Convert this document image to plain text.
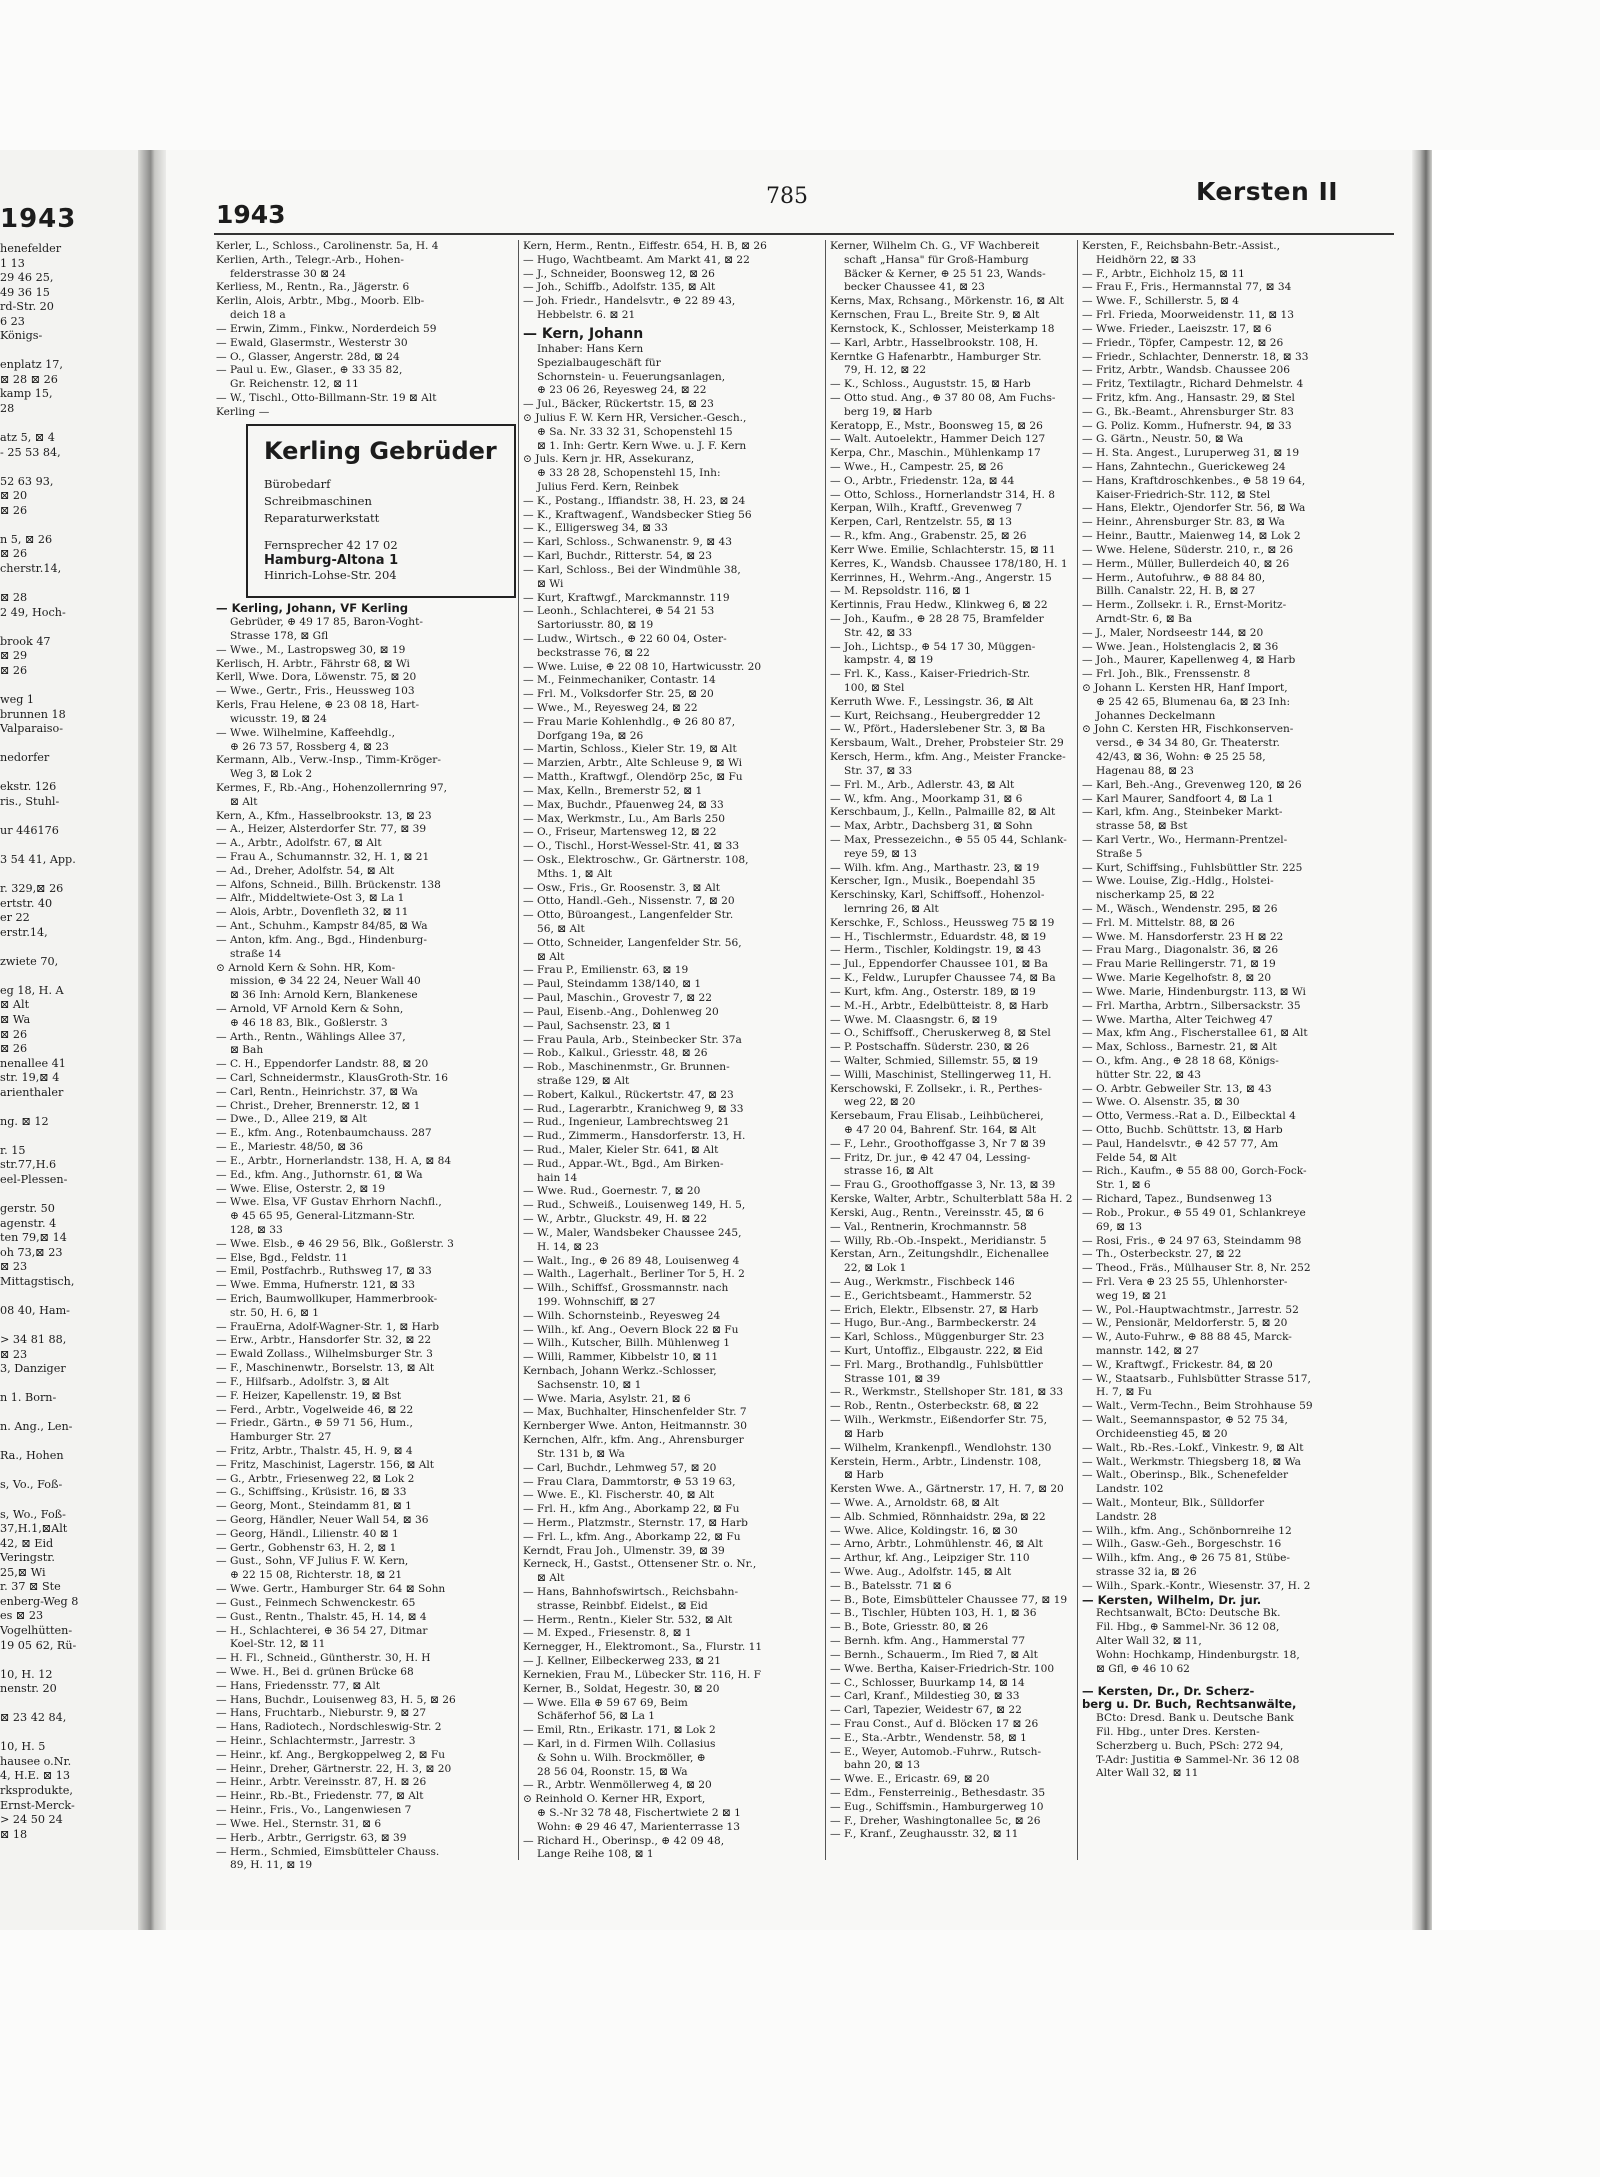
1943
henefelder
1 13
29 46 25,
49 36 15
rd-Str. 20
6 23
Königs-
enplatz 17,
⊠ 28 ⊠ 26
kamp 15,
28
atz 5, ⊠ 4
- 25 53 84,
52 63 93,
⊠ 20
⊠ 26
n 5, ⊠ 26
⊠ 26
cherstr.14,
⊠ 28
2 49, Hoch-
brook 47
⊠ 29
⊠ 26
weg 1
brunnen 18
Valparaiso-
nedorfer
ekstr. 126
ris., Stuhl-
ur 446176
3 54 41, App.
r. 329,⊠ 26
ertstr. 40
er 22
erstr.14,
zwiete 70,
eg 18, H. A
⊠ Alt
⊠ Wa
⊠ 26
⊠ 26
nenallee 41
str. 19,⊠ 4
arienthaler
ng. ⊠ 12
r. 15
str.77,H.6
eel-Plessen-
gerstr. 50
agenstr. 4
ten 79,⊠ 14
oh 73,⊠ 23
⊠ 23
Mittagstisch,
08 40, Ham-
> 34 81 88,
⊠ 23
3, Danziger
n 1. Born-
n. Ang., Len-
Ra., Hohen
s, Vo., Foß-
s, Wo., Foß-
37,H.1,⊠Alt
42, ⊠ Eid
Veringstr.
25,⊠ Wi
r. 37 ⊠ Ste
enberg-Weg 8
es ⊠ 23
Vogelhütten-
19 05 62, Rü-
10, H. 12
nenstr. 20
⊠ 23 42 84,
10, H. 5
hausee o.Nr.
4, H.E. ⊠ 13
rksprodukte,
Ernst-Merck-
> 24 50 24
⊠ 18
1943
785	Kersten II
Kerler, L., Schloss., Carolinenstr. 5a, H. 4
Kerlien, Arth., Telegr.-Arb., Hohen-
felderstrasse 30 ⊠ 24
Kerliess, M., Rentn., Ra., Jägerstr. 6
Kerlin, Alois, Arbtr., Mbg., Moorb. Elb-
deich 18 a
— Erwin, Zimm., Finkw., Norderdeich 59
— Ewald, Glasermstr., Westerstr 30
— O., Glasser, Angerstr. 28d, ⊠ 24
— Paul u. Ew., Glaser., ⊕ 33 35 82,
Gr. Reichenstr. 12, ⊠ 11
— W., Tischl., Otto-Billmann-Str. 19 ⊠ Alt
Kerling —
Kerling Gebrüder
Bürobedarf
Schreibmaschinen
Reparaturwerkstatt
Fernsprecher 42 17 02
Hamburg-Altona 1
Hinrich-Lohse-Str. 204
— Kerling, Johann, VF Kerling
Gebrüder, ⊕ 49 17 85, Baron-Voght-
Strasse 178, ⊠ Gfl
— Wwe., M., Lastropsweg 30, ⊠ 19
Kerlisch, H. Arbtr., Fährstr 68, ⊠ Wi
Kerll, Wwe. Dora, Löwenstr. 75, ⊠ 20
— Wwe., Gertr., Fris., Heussweg 103
Kerls, Frau Helene, ⊕ 23 08 18, Hart-
wicusstr. 19, ⊠ 24
— Wwe. Wilhelmine, Kaffeehdlg.,
⊕ 26 73 57, Rossberg 4, ⊠ 23
Kermann, Alb., Verw.-Insp., Timm-Kröger-
Weg 3, ⊠ Lok 2
Kermes, F., Rb.-Ang., Hohenzollernring 97,
⊠ Alt
Kern, A., Kfm., Hasselbrookstr. 13, ⊠ 23
— A., Heizer, Alsterdorfer Str. 77, ⊠ 39
— A., Arbtr., Adolfstr. 67, ⊠ Alt
— Frau A., Schumannstr. 32, H. 1, ⊠ 21
— Ad., Dreher, Adolfstr. 54, ⊠ Alt
— Alfons, Schneid., Billh. Brückenstr. 138
— Alfr., Middeltwiete-Ost 3, ⊠ La 1
— Alois, Arbtr., Dovenfleth 32, ⊠ 11
— Ant., Schuhm., Kampstr 84/85, ⊠ Wa
— Anton, kfm. Ang., Bgd., Hindenburg-
straße 14
⊙ Arnold Kern & Sohn. HR, Kom-
mission, ⊕ 34 22 24, Neuer Wall 40
⊠ 36 Inh: Arnold Kern, Blankenese
— Arnold, VF Arnold Kern & Sohn,
⊕ 46 18 83, Blk., Goßlerstr. 3
— Arth., Rentn., Wählings Allee 37,
⊠ Bah
— C. H., Eppendorfer Landstr. 88, ⊠ 20
— Carl, Schneidermstr., KlausGroth-Str. 16
— Carl, Rentn., Heinrichstr. 37, ⊠ Wa
— Christ., Dreher, Brennerstr. 12, ⊠ 1
— Dwe., D., Allee 219, ⊠ Alt
— E., kfm. Ang., Rotenbaumchauss. 287
— E., Mariestr. 48/50, ⊠ 36
— E., Arbtr., Hornerlandstr. 138, H. A, ⊠ 84
— Ed., kfm. Ang., Juthornstr. 61, ⊠ Wa
— Wwe. Elise, Osterstr. 2, ⊠ 19
— Wwe. Elsa, VF Gustav Ehrhorn Nachfl.,
⊕ 45 65 95, General-Litzmann-Str.
128, ⊠ 33
— Wwe. Elsb., ⊕ 46 29 56, Blk., Goßlerstr. 3
— Else, Bgd., Feldstr. 11
— Emil, Postfachrb., Ruthsweg 17, ⊠ 33
— Wwe. Emma, Hufnerstr. 121, ⊠ 33
— Erich, Baumwollkuper, Hammerbrook-
str. 50, H. 6, ⊠ 1
— FrauErna, Adolf-Wagner-Str. 1, ⊠ Harb
— Erw., Arbtr., Hansdorfer Str. 32, ⊠ 22
— Ewald Zollass., Wilhelmsburger Str. 3
— F., Maschinenwtr., Borselstr. 13, ⊠ Alt
— F., Hilfsarb., Adolfstr. 3, ⊠ Alt
— F. Heizer, Kapellenstr. 19, ⊠ Bst
— Ferd., Arbtr., Vogelweide 46, ⊠ 22
— Friedr., Gärtn., ⊕ 59 71 56, Hum.,
Hamburger Str. 27
— Fritz, Arbtr., Thalstr. 45, H. 9, ⊠ 4
— Fritz, Maschinist, Lagerstr. 156, ⊠ Alt
— G., Arbtr., Friesenweg 22, ⊠ Lok 2
— G., Schiffsing., Krüsistr. 16, ⊠ 33
— Georg, Mont., Steindamm 81, ⊠ 1
— Georg, Händler, Neuer Wall 54, ⊠ 36
— Georg, Händl., Lilienstr. 40 ⊠ 1
— Gertr., Gobhenstr 63, H. 2, ⊠ 1
— Gust., Sohn, VF Julius F. W. Kern,
⊕ 22 15 08, Richterstr. 18, ⊠ 21
— Wwe. Gertr., Hamburger Str. 64 ⊠ Sohn
— Gust., Feinmech Schwenckestr. 65
— Gust., Rentn., Thalstr. 45, H. 14, ⊠ 4
— H., Schlachterei, ⊕ 36 54 27, Ditmar
Koel-Str. 12, ⊠ 11
— H. Fl., Schneid., Güntherstr. 30, H. H
— Wwe. H., Bei d. grünen Brücke 68
— Hans, Friedensstr. 77, ⊠ Alt
— Hans, Buchdr., Louisenweg 83, H. 5, ⊠ 26
— Hans, Fruchtarb., Nieburstr. 9, ⊠ 27
— Hans, Radiotech., Nordschleswig-Str. 2
— Heinr., Schlachtermstr., Jarrestr. 3
— Heinr., kf. Ang., Bergkoppelweg 2, ⊠ Fu
— Heinr., Dreher, Gärtnerstr. 22, H. 3, ⊠ 20
— Heinr., Arbtr. Vereinsstr. 87, H. ⊠ 26
— Heinr., Rb.-Bt., Friedenstr. 77, ⊠ Alt
— Heinr., Fris., Vo., Langenwiesen 7
— Wwe. Hel., Sternstr. 31, ⊠ 6
— Herb., Arbtr., Gerrigstr. 63, ⊠ 39
— Herm., Schmied, Eimsbütteler Chauss.
89, H. 11, ⊠ 19
Kern, Herm., Rentn., Eiffestr. 654, H. B, ⊠ 26
— Hugo, Wachtbeamt. Am Markt 41, ⊠ 22
— J., Schneider, Boonsweg 12, ⊠ 26
— Joh., Schiffb., Adolfstr. 135, ⊠ Alt
— Joh. Friedr., Handelsvtr., ⊕ 22 89 43,
Hebbelstr. 6. ⊠ 21
— Kern, Johann
Inhaber: Hans Kern
Spezialbaugeschäft für
Schornstein- u. Feuerungsanlagen,
⊕ 23 06 26, Reyesweg 24, ⊠ 22
— Jul., Bäcker, Rückertstr. 15, ⊠ 23
⊙ Julius F. W. Kern HR, Versicher.-Gesch.,
⊕ Sa. Nr. 33 32 31, Schopenstehl 15
⊠ 1. Inh: Gertr. Kern Wwe. u. J. F. Kern
⊙ Juls. Kern jr. HR, Assekuranz,
⊕ 33 28 28, Schopenstehl 15, Inh:
Julius Ferd. Kern, Reinbek
— K., Postang., Iffiandstr. 38, H. 23, ⊠ 24
— K., Kraftwagenf., Wandsbecker Stieg 56
— K., Elligersweg 34, ⊠ 33
— Karl, Schloss., Schwanenstr. 9, ⊠ 43
— Karl, Buchdr., Ritterstr. 54, ⊠ 23
— Karl, Schloss., Bei der Windmühle 38,
⊠ Wi
— Kurt, Kraftwgf., Marckmannstr. 119
— Leonh., Schlachterei, ⊕ 54 21 53
Sartoriusstr. 80, ⊠ 19
— Ludw., Wirtsch., ⊕ 22 60 04, Oster-
beckstrasse 76, ⊠ 22
— Wwe. Luise, ⊕ 22 08 10, Hartwicusstr. 20
— M., Feinmechaniker, Contastr. 14
— Frl. M., Volksdorfer Str. 25, ⊠ 20
— Wwe., M., Reyesweg 24, ⊠ 22
— Frau Marie Kohlenhdlg., ⊕ 26 80 87,
Dorfgang 19a, ⊠ 26
— Martin, Schloss., Kieler Str. 19, ⊠ Alt
— Marzien, Arbtr., Alte Schleuse 9, ⊠ Wi
— Matth., Kraftwgf., Olendörp 25c, ⊠ Fu
— Max, Kelln., Bremerstr 52, ⊠ 1
— Max, Buchdr., Pfauenweg 24, ⊠ 33
— Max, Werkmstr., Lu., Am Barls 250
— O., Friseur, Martensweg 12, ⊠ 22
— O., Tischl., Horst-Wessel-Str. 41, ⊠ 33
— Osk., Elektroschw., Gr. Gärtnerstr. 108,
Mths. 1, ⊠ Alt
— Osw., Fris., Gr. Roosenstr. 3, ⊠ Alt
— Otto, Handl.-Geh., Nissenstr. 7, ⊠ 20
— Otto, Büroangest., Langenfelder Str.
56, ⊠ Alt
— Otto, Schneider, Langenfelder Str. 56,
⊠ Alt
— Frau P., Emilienstr. 63, ⊠ 19
— Paul, Steindamm 138/140, ⊠ 1
— Paul, Maschin., Grovestr 7, ⊠ 22
— Paul, Eisenb.-Ang., Dohlenweg 20
— Paul, Sachsenstr. 23, ⊠ 1
— Frau Paula, Arb., Steinbecker Str. 37a
— Rob., Kalkul., Griesstr. 48, ⊠ 26
— Rob., Maschinenmstr., Gr. Brunnen-
straße 129, ⊠ Alt
— Robert, Kalkul., Rückertstr. 47, ⊠ 23
— Rud., Lagerarbtr., Kranichweg 9, ⊠ 33
— Rud., Ingenieur, Lambrechtsweg 21
— Rud., Zimmerm., Hansdorferstr. 13, H.
— Rud., Maler, Kieler Str. 641, ⊠ Alt
— Rud., Appar.-Wt., Bgd., Am Birken-
hain 14
— Wwe. Rud., Goernestr. 7, ⊠ 20
— Rud., Schweiß., Louisenweg 149, H. 5,
— W., Arbtr., Gluckstr. 49, H. ⊠ 22
— W., Maler, Wandsbeker Chaussee 245,
H. 14, ⊠ 23
— Walt., Ing., ⊕ 26 89 48, Louisenweg 4
— Walth., Lagerhalt., Berliner Tor 5, H. 2
— Wilh., Schiffsf., Grossmannstr. nach
199. Wohnschiff, ⊠ 27
— Wilh. Schornsteinb., Reyesweg 24
— Wilh., kf. Ang., Oevern Block 22 ⊠ Fu
— Wilh., Kutscher, Billh. Mühlenweg 1
— Willi, Rammer, Kibbelstr 10, ⊠ 11
Kernbach, Johann Werkz.-Schlosser,
Sachsenstr. 10, ⊠ 1
— Wwe. Maria, Asylstr. 21, ⊠ 6
— Max, Buchhalter, Hinschenfelder Str. 7
Kernberger Wwe. Anton, Heitmannstr. 30
Kernchen, Alfr., kfm. Ang., Ahrensburger
Str. 131 b, ⊠ Wa
— Carl, Buchdr., Lehmweg 57, ⊠ 20
— Frau Clara, Dammtorstr, ⊕ 53 19 63,
— Wwe. E., Kl. Fischerstr. 40, ⊠ Alt
— Frl. H., kfm Ang., Aborkamp 22, ⊠ Fu
— Herm., Platzmstr., Sternstr. 17, ⊠ Harb
— Frl. L., kfm. Ang., Aborkamp 22, ⊠ Fu
Kerndt, Frau Joh., Ulmenstr. 39, ⊠ 39
Kerneck, H., Gastst., Ottensener Str. o. Nr.,
⊠ Alt
— Hans, Bahnhofswirtsch., Reichsbahn-
strasse, Reinbbf. Eidelst., ⊠ Eid
— Herm., Rentn., Kieler Str. 532, ⊠ Alt
— M. Exped., Friesenstr. 8, ⊠ 1
Kernegger, H., Elektromont., Sa., Flurstr. 11
— J. Kellner, Eilbeckerweg 233, ⊠ 21
Kernekien, Frau M., Lübecker Str. 116, H. F
Kerner, B., Soldat, Hegestr. 30, ⊠ 20
— Wwe. Ella ⊕ 59 67 69, Beim
Schäferhof 56, ⊠ La 1
— Emil, Rtn., Erikastr. 171, ⊠ Lok 2
— Karl, in d. Firmen Wilh. Collasius
& Sohn u. Wilh. Brockmöller, ⊕
28 56 04, Roonstr. 15, ⊠ Wa
— R., Arbtr. Wenmöllerweg 4, ⊠ 20
⊙ Reinhold O. Kerner HR, Export,
⊕ S.-Nr 32 78 48, Fischertwiete 2 ⊠ 1
Wohn: ⊕ 29 46 47, Marienterrasse 13
— Richard H., Oberinsp., ⊕ 42 09 48,
Lange Reihe 108, ⊠ 1
Kerner, Wilhelm Ch. G., VF Wachbereit
schaft „Hansa" für Groß-Hamburg
Bäcker & Kerner, ⊕ 25 51 23, Wands-
becker Chaussee 41, ⊠ 23
Kerns, Max, Rchsang., Mörkenstr. 16, ⊠ Alt
Kernschen, Frau L., Breite Str. 9, ⊠ Alt
Kernstock, K., Schlosser, Meisterkamp 18
— Karl, Arbtr., Hasselbrookstr. 108, H.
Kerntke G Hafenarbtr., Hamburger Str.
79, H. 12, ⊠ 22
— K., Schloss., Auguststr. 15, ⊠ Harb
— Otto stud. Ang., ⊕ 37 80 08, Am Fuchs-
berg 19, ⊠ Harb
Keratopp, E., Mstr., Boonsweg 15, ⊠ 26
— Walt. Autoelektr., Hammer Deich 127
Kerpa, Chr., Maschin., Mühlenkamp 17
— Wwe., H., Campestr. 25, ⊠ 26
— O., Arbtr., Friedenstr. 12a, ⊠ 44
— Otto, Schloss., Hornerlandstr 314, H. 8
Kerpan, Wilh., Kraftf., Grevenweg 7
Kerpen, Carl, Rentzelstr. 55, ⊠ 13
— R., kfm. Ang., Grabenstr. 25, ⊠ 26
Kerr Wwe. Emilie, Schlachterstr. 15, ⊠ 11
Kerres, K., Wandsb. Chaussee 178/180, H. 1
Kerrinnes, H., Wehrm.-Ang., Angerstr. 15
— M. Repsoldstr. 116, ⊠ 1
Kertinnis, Frau Hedw., Klinkweg 6, ⊠ 22
— Joh., Kaufm., ⊕ 28 28 75, Bramfelder
Str. 42, ⊠ 33
— Joh., Lichtsp., ⊕ 54 17 30, Müggen-
kampstr. 4, ⊠ 19
— Frl. K., Kass., Kaiser-Friedrich-Str.
100, ⊠ Stel
Kerruth Wwe. F., Lessingstr. 36, ⊠ Alt
— Kurt, Reichsang., Heubergredder 12
— W., Pfört., Haderslebener Str. 3, ⊠ Ba
Kersbaum, Walt., Dreher, Probsteier Str. 29
Kersch, Herm., kfm. Ang., Meister Francke-
Str. 37, ⊠ 33
— Frl. M., Arb., Adlerstr. 43, ⊠ Alt
— W., kfm. Ang., Moorkamp 31, ⊠ 6
Kerschbaum, J., Kelln., Palmaille 82, ⊠ Alt
— Max, Arbtr., Dachsberg 31, ⊠ Sohn
— Max, Pressezeichn., ⊕ 55 05 44, Schlank-
reye 59, ⊠ 13
— Wilh. kfm. Ang., Marthastr. 23, ⊠ 19
Kerscher, Ign., Musik., Boependahl 35
Kerschinsky, Karl, Schiffsoff., Hohenzol-
lernring 26, ⊠ Alt
Kerschke, F., Schloss., Heussweg 75 ⊠ 19
— H., Tischlermstr., Eduardstr. 48, ⊠ 19
— Herm., Tischler, Koldingstr. 19, ⊠ 43
— Jul., Eppendorfer Chaussee 101, ⊠ Ba
— K., Feldw., Lurupfer Chaussee 74, ⊠ Ba
— Kurt, kfm. Ang., Osterstr. 189, ⊠ 19
— M.-H., Arbtr., Edelbütteistr. 8, ⊠ Harb
— Wwe. M. Claasngstr. 6, ⊠ 19
— O., Schiffsoff., Cheruskerweg 8, ⊠ Stel
— P. Postschaffn. Süderstr. 230, ⊠ 26
— Walter, Schmied, Sillemstr. 55, ⊠ 19
— Willi, Maschinist, Stellingerweg 11, H.
Kerschowski, F. Zollsekr., i. R., Perthes-
weg 22, ⊠ 20
Kersebaum, Frau Elisab., Leihbücherei,
⊕ 47 20 04, Bahrenf. Str. 164, ⊠ Alt
— F., Lehr., Groothoffgasse 3, Nr 7 ⊠ 39
— Fritz, Dr. jur., ⊕ 42 47 04, Lessing-
strasse 16, ⊠ Alt
— Frau G., Groothoffgasse 3, Nr. 13, ⊠ 39
Kerske, Walter, Arbtr., Schulterblatt 58a H. 2
Kerski, Aug., Rentn., Vereinsstr. 45, ⊠ 6
— Val., Rentnerin, Krochmannstr. 58
— Willy, Rb.-Ob.-Inspekt., Meridianstr. 5
Kerstan, Arn., Zeitungshdlr., Eichenallee
22, ⊠ Lok 1
— Aug., Werkmstr., Fischbeck 146
— E., Gerichtsbeamt., Hammerstr. 52
— Erich, Elektr., Elbsenstr. 27, ⊠ Harb
— Hugo, Bur.-Ang., Barmbeckerstr. 24
— Karl, Schloss., Müggenburger Str. 23
— Kurt, Untoffiz., Elbgaustr. 222, ⊠ Eid
— Frl. Marg., Brothandlg., Fuhlsbüttler
Strasse 101, ⊠ 39
— R., Werkmstr., Stellshoper Str. 181, ⊠ 33
— Rob., Rentn., Osterbeckstr. 68, ⊠ 22
— Wilh., Werkmstr., Eißendorfer Str. 75,
⊠ Harb
— Wilhelm, Krankenpfl., Wendlohstr. 130
Kerstein, Herm., Arbtr., Lindenstr. 108,
⊠ Harb
Kersten Wwe. A., Gärtnerstr. 17, H. 7, ⊠ 20
— Wwe. A., Arnoldstr. 68, ⊠ Alt
— Alb. Schmied, Rönnhaidstr. 29a, ⊠ 22
— Wwe. Alice, Koldingstr. 16, ⊠ 30
— Arno, Arbtr., Lohmühlenstr. 46, ⊠ Alt
— Arthur, kf. Ang., Leipziger Str. 110
— Wwe. Aug., Adolfstr. 145, ⊠ Alt
— B., Batelsstr. 71 ⊠ 6
— B., Bote, Eimsbütteler Chaussee 77, ⊠ 19
— B., Tischler, Hübten 103, H. 1, ⊠ 36
— B., Bote, Griesstr. 80, ⊠ 26
— Bernh. kfm. Ang., Hammerstal 77
— Bernh., Schauerm., Im Ried 7, ⊠ Alt
— Wwe. Bertha, Kaiser-Friedrich-Str. 100
— C., Schlosser, Buurkamp 14, ⊠ 14
— Carl, Kranf., Mildestieg 30, ⊠ 33
— Carl, Tapezier, Weidestr 67, ⊠ 22
— Frau Const., Auf d. Blöcken 17 ⊠ 26
— E., Sta.-Arbtr., Wendenstr. 58, ⊠ 1
— E., Weyer, Automob.-Fuhrw., Rutsch-
bahn 20, ⊠ 13
— Wwe. E., Ericastr. 69, ⊠ 20
— Edm., Fensterreinig., Bethesdastr. 35
— Eug., Schiffsmin., Hamburgerweg 10
— F., Dreher, Washingtonallee 5c, ⊠ 26
— F., Kranf., Zeughausstr. 32, ⊠ 11
Kersten, F., Reichsbahn-Betr.-Assist.,
Heidhörn 22, ⊠ 33
— F., Arbtr., Eichholz 15, ⊠ 11
— Frau F., Fris., Hermannstal 77, ⊠ 34
— Wwe. F., Schillerstr. 5, ⊠ 4
— Frl. Frieda, Moorweidenstr. 11, ⊠ 13
— Wwe. Frieder., Laeiszstr. 17, ⊠ 6
— Friedr., Töpfer, Campestr. 12, ⊠ 26
— Friedr., Schlachter, Dennerstr. 18, ⊠ 33
— Fritz, Arbtr., Wandsb. Chaussee 206
— Fritz, Textilagtr., Richard Dehmelstr. 4
— Fritz, kfm. Ang., Hansastr. 29, ⊠ Stel
— G., Bk.-Beamt., Ahrensburger Str. 83
— G. Poliz. Komm., Hufnerstr. 94, ⊠ 33
— G. Gärtn., Neustr. 50, ⊠ Wa
— H. Sta. Angest., Luruperweg 31, ⊠ 19
— Hans, Zahntechn., Guerickeweg 24
— Hans, Kraftdroschkenbes., ⊕ 58 19 64,
Kaiser-Friedrich-Str. 112, ⊠ Stel
— Hans, Elektr., Ojendorfer Str. 56, ⊠ Wa
— Heinr., Ahrensburger Str. 83, ⊠ Wa
— Heinr., Bauttr., Maienweg 14, ⊠ Lok 2
— Wwe. Helene, Süderstr. 210, r., ⊠ 26
— Herm., Müller, Bullerdeich 40, ⊠ 26
— Herm., Autofuhrw., ⊕ 88 84 80,
Billh. Canalstr. 22, H. B, ⊠ 27
— Herm., Zollsekr. i. R., Ernst-Moritz-
Arndt-Str. 6, ⊠ Ba
— J., Maler, Nordseestr 144, ⊠ 20
— Wwe. Jean., Holstenglacis 2, ⊠ 36
— Joh., Maurer, Kapellenweg 4, ⊠ Harb
— Frl. Joh., Blk., Frenssenstr. 8
⊙ Johann L. Kersten HR, Hanf Import,
⊕ 25 42 65, Blumenau 6a, ⊠ 23 Inh:
Johannes Deckelmann
⊙ John C. Kersten HR, Fischkonserven-
versd., ⊕ 34 34 80, Gr. Theaterstr.
42/43, ⊠ 36, Wohn: ⊕ 25 25 58,
Hagenau 88, ⊠ 23
— Karl, Beh.-Ang., Grevenweg 120, ⊠ 26
— Karl Maurer, Sandfoort 4, ⊠ La 1
— Karl, kfm. Ang., Steinbeker Markt-
strasse 58, ⊠ Bst
— Karl Vertr., Wo., Hermann-Prentzel-
Straße 5
— Kurt, Schiffsing., Fuhlsbüttler Str. 225
— Wwe. Louise, Zig.-Hdlg., Holstei-
nischerkamp 25, ⊠ 22
— M., Wäsch., Wendenstr. 295, ⊠ 26
— Frl. M. Mittelstr. 88, ⊠ 26
— Wwe. M. Hansdorferstr. 23 H ⊠ 22
— Frau Marg., Diagonalstr. 36, ⊠ 26
— Frau Marie Rellingerstr. 71, ⊠ 19
— Wwe. Marie Kegelhofstr. 8, ⊠ 20
— Wwe. Marie, Hindenburgstr. 113, ⊠ Wi
— Frl. Martha, Arbtrn., Silbersackstr. 35
— Wwe. Martha, Alter Teichweg 47
— Max, kfm Ang., Fischerstallee 61, ⊠ Alt
— Max, Schloss., Barnestr. 21, ⊠ Alt
— O., kfm. Ang., ⊕ 28 18 68, Königs-
hütter Str. 22, ⊠ 43
— O. Arbtr. Gebweiler Str. 13, ⊠ 43
— Wwe. O. Alsenstr. 35, ⊠ 30
— Otto, Vermess.-Rat a. D., Eilbecktal 4
— Otto, Buchb. Schüttstr. 13, ⊠ Harb
— Paul, Handelsvtr., ⊕ 42 57 77, Am
Felde 54, ⊠ Alt
— Rich., Kaufm., ⊕ 55 88 00, Gorch-Fock-
Str. 1, ⊠ 6
— Richard, Tapez., Bundsenweg 13
— Rob., Prokur., ⊕ 55 49 01, Schlankreye
69, ⊠ 13
— Rosi, Fris., ⊕ 24 97 63, Steindamm 98
— Th., Osterbeckstr. 27, ⊠ 22
— Theod., Fräs., Mülhauser Str. 8, Nr. 252
— Frl. Vera ⊕ 23 25 55, Uhlenhorster-
weg 19, ⊠ 21
— W., Pol.-Hauptwachtmstr., Jarrestr. 52
— W., Pensionär, Meldorferstr. 5, ⊠ 20
— W., Auto-Fuhrw., ⊕ 88 88 45, Marck-
mannstr. 142, ⊠ 27
— W., Kraftwgf., Frickestr. 84, ⊠ 20
— W., Staatsarb., Fuhlsbütter Strasse 517,
H. 7, ⊠ Fu
— Walt., Verm-Techn., Beim Strohhause 59
— Walt., Seemannspastor, ⊕ 52 75 34,
Orchideenstieg 45, ⊠ 20
— Walt., Rb.-Res.-Lokf., Vinkestr. 9, ⊠ Alt
— Walt., Werkmstr. Thiegsberg 18, ⊠ Wa
— Walt., Oberinsp., Blk., Schenefelder
Landstr. 102
— Walt., Monteur, Blk., Sülldorfer
Landstr. 28
— Wilh., kfm. Ang., Schönbornreihe 12
— Wilh., Gasw.-Geh., Borgeschstr. 16
— Wilh., kfm. Ang., ⊕ 26 75 81, Stübe-
strasse 32 ia, ⊠ 26
— Wilh., Spark.-Kontr., Wiesenstr. 37, H. 2
— Kersten, Wilhelm, Dr. jur.
Rechtsanwalt, BCto: Deutsche Bk.
Fil. Hbg., ⊕ Sammel-Nr. 36 12 08,
Alter Wall 32, ⊠ 11,
Wohn: Hochkamp, Hindenburgstr. 18,
⊠ Gfl, ⊕ 46 10 62
— Kersten, Dr., Dr. Scherz-
berg u. Dr. Buch, Rechtsanwälte,
BCto: Dresd. Bank u. Deutsche Bank
Fil. Hbg., unter Dres. Kersten-
Scherzberg u. Buch, PSch: 272 94,
T-Adr: Justitia ⊕ Sammel-Nr. 36 12 08
Alter Wall 32, ⊠ 11
